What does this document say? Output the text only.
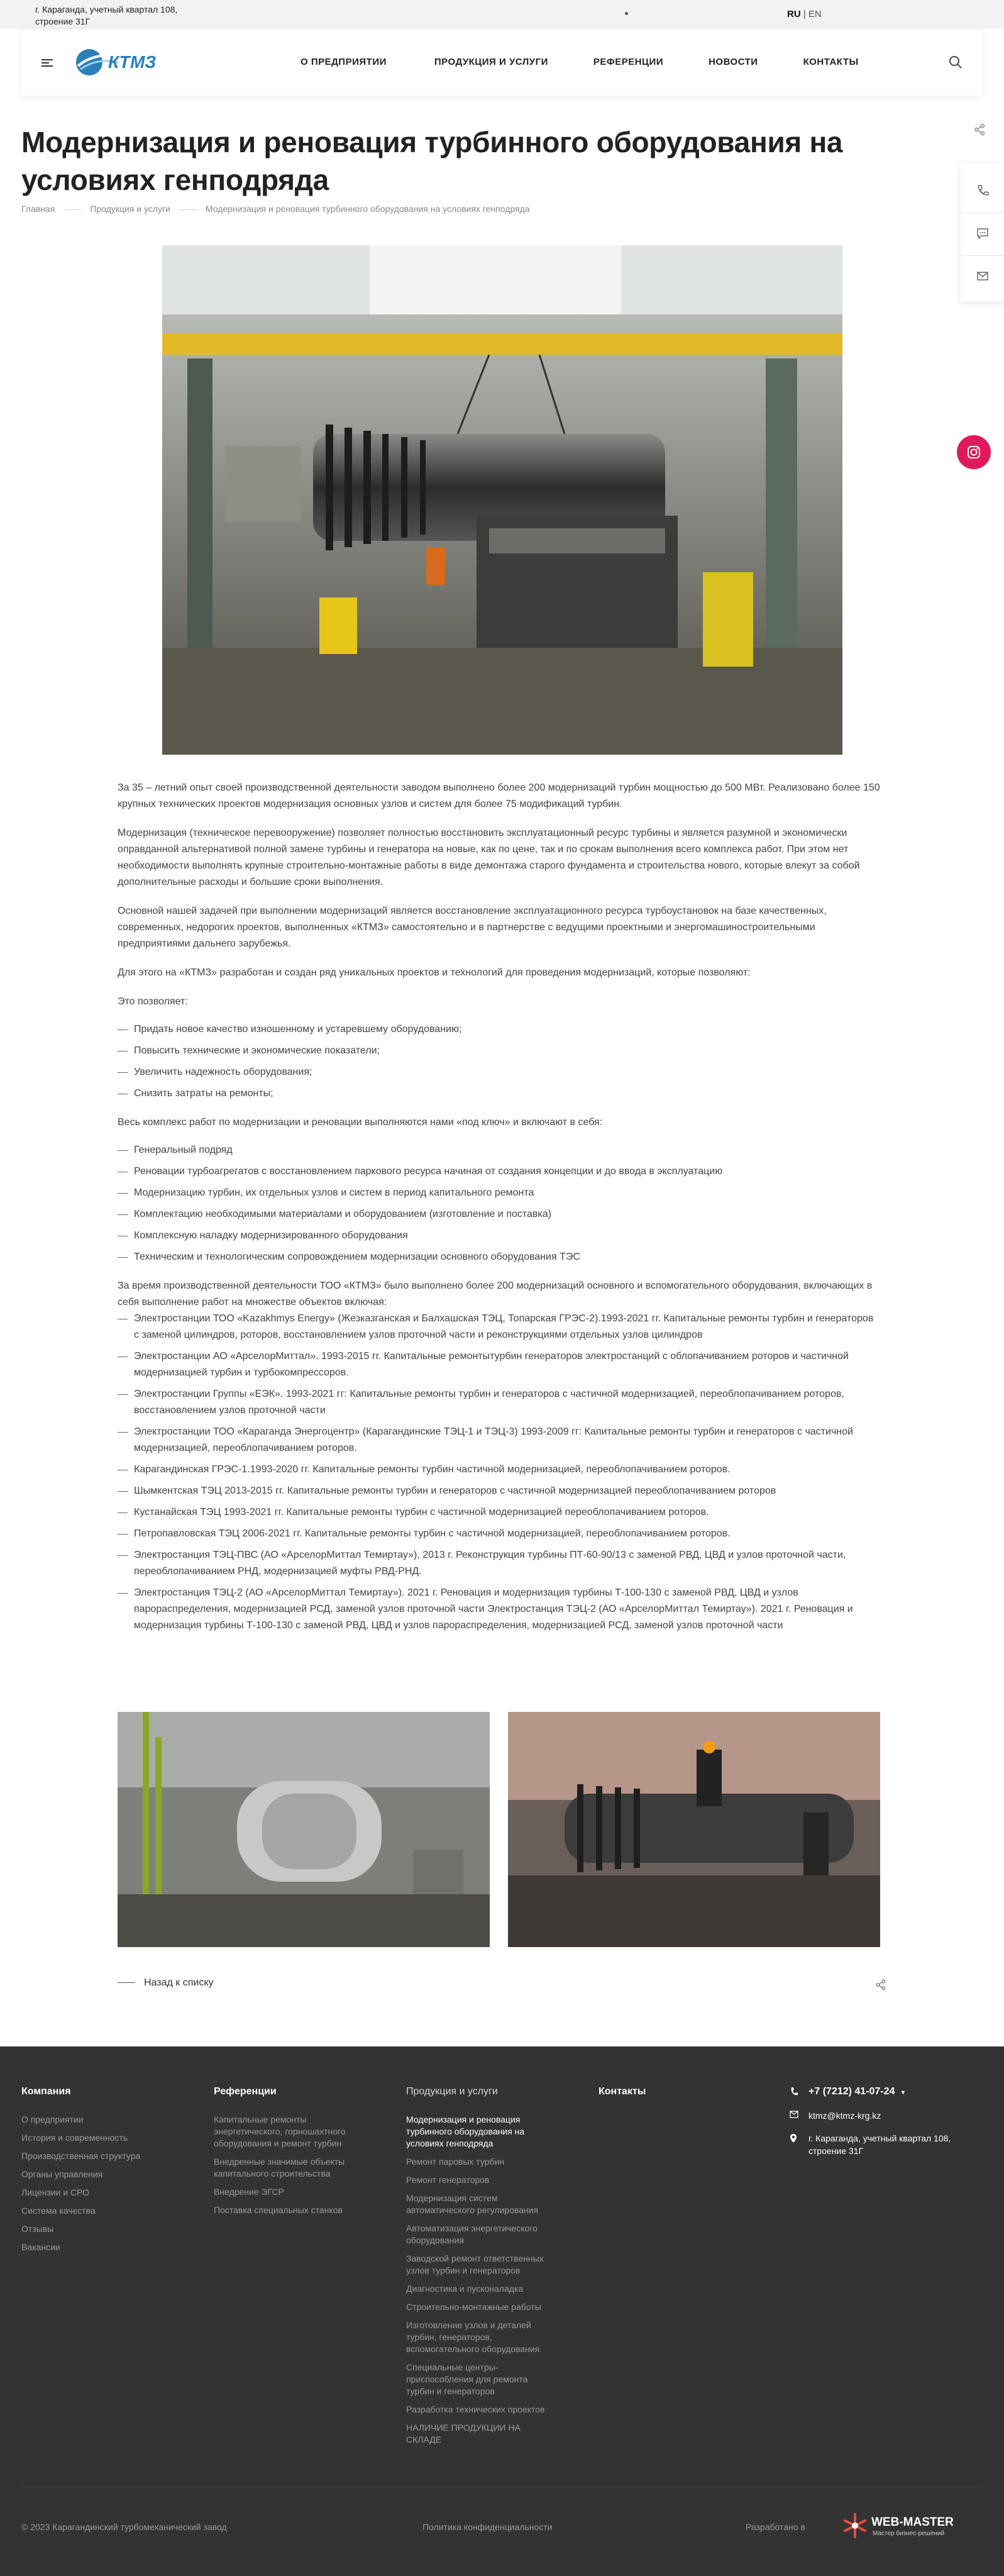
г. Караганда, учетный квартал 108, строение 31Г
RU | EN
КТМЗ	О ПРЕДПРИЯТИИ	ПРОДУКЦИЯ И УСЛУГИ	РЕФЕРЕНЦИИ	НОВОСТИ	КОНТАКТЫ
Модернизация и реновация турбинного оборудования на условиях генподряда
Главная	Продукция и услуги	Модернизация и реновация турбинного оборудования на условиях генподряда

За 35 – летний опыт своей производственной деятельности заводом выполнено более 200 модернизаций турбин мощностью до 500 МВт. Реализовано более 150 крупных технических проектов модернизация основных узлов и систем для более 75 модификаций турбин.

Модернизация (техническое перевооружение) позволяет полностью восстановить эксплуатационный ресурс турбины и является разумной и экономически оправданной альтернативой полной замене турбины и генератора на новые, как по цене, так и по срокам выполнения всего комплекса работ. При этом нет необходимости выполнять крупные строительно-монтажные работы в виде демонтажа старого фундамента и строительства нового, которые влекут за собой дополнительные расходы и большие сроки выполнения.

Основной нашей задачей при выполнении модернизаций является восстановление эксплуатационного ресурса турбоустановок на базе качественных, современных, недорогих проектов, выполненных «КТМЗ» самостоятельно и в партнерстве с ведущими проектными и энергомашиностроительными предприятиями дальнего зарубежья.

Для этого на «КТМЗ» разработан и создан ряд уникальных проектов и технологий для проведения модернизаций, которые позволяют:

Это позволяет:

Придать новое качество изношенному и устаревшему оборудованию;

Повысить технические и экономические показатели;

Увеличить надежность оборудования;

Снизить затраты на ремонты;

Весь комплекс работ по модернизации и реновации выполняются нами «под ключ» и включают в себя:

Генеральный подряд

Реновации турбоагрегатов с восстановлением паркового ресурса начиная от создания концепции и до ввода в эксплуатацию

Модернизацию турбин, их отдельных узлов и систем в период капитального ремонта

Комплектацию необходимыми материалами и оборудованием (изготовление и поставка)

Комплексную наладку модернизированного оборудования

Техническим и технологическим сопровождением модернизации основного оборудования ТЭС

За время производственной деятельности ТОО «КТМЗ» было выполнено более 200 модернизаций основного и вспомогательного оборудования, включающих в себя выполнение работ на множестве объектов включая:

Электростанции ТОО «Kazakhmys Energy» (Жезказганская и Балхашская ТЭЦ, Топарская ГРЭС-2).1993-2021 гг. Капитальные ремонты турбин и генераторов с заменой цилиндров, роторов, восстановлением узлов проточной части и реконструкциями отдельных узлов цилиндров

Электростанции АО «АрселорМиттал». 1993-2015 гг. Капитальные ремонтытурбин генераторов электростанций с облопачиванием роторов и частичной модернизацией турбин и турбокомпрессоров.

Электростанции Группы «ЕЭК». 1993-2021 гг: Капитальные ремонты турбин и генераторов с частичной модернизацией, переоблопачиванием роторов, восстановлением узлов проточной части

Электростанции ТОО «Караганда Энергоцентр» (Карагандинские ТЭЦ-1 и ТЭЦ-3) 1993-2009 гг: Капитальные ремонты турбин и генераторов с частичной модернизацией, переоблопачиванием роторов.

Карагандинская ГРЭС-1.1993-2020 гг. Капитальные ремонты турбин частичной модернизацией, переоблопачиванием роторов.

Шымкентская ТЭЦ 2013-2015 гг. Капитальные ремонты турбин и генераторов с частичной модернизацией переоблопачиванием роторов

Кустанайская ТЭЦ 1993-2021 гг. Капитальные ремонты турбин с частичной модернизацией переоблопачиванием роторов.

Петропавловская ТЭЦ 2006-2021 гг. Капитальные ремонты турбин с частичной модернизацией, переоблопачиванием роторов.

Электростанция ТЭЦ-ПВС (АО «АрселорМиттал Темиртау»), 2013 г. Реконструкция турбины ПТ-60-90/13 с заменой РВД, ЦВД и узлов проточной части, переоблопачиванием РНД, модернизацией муфты РВД-РНД.

Электростанция ТЭЦ-2 (АО «АрселорМиттал Темиртау»). 2021 г. Реновация и модернизация турбины Т-100-130 с заменой РВД, ЦВД и узлов парораспределения, модернизацией РСД, заменой узлов проточной части Электростанция ТЭЦ-2 (АО «АрселорМиттал Темиртау»). 2021 г. Реновация и модернизация турбины Т-100-130 с заменой РВД, ЦВД и узлов парораспределения, модернизацией РСД, заменой узлов проточной части

Назад к списку
Компания
О предприятии
История и современность
Производственная структура
Органы управления
Лицензии и СРО
Система качества
Отзывы
Вакансии
Референции
Капитальные ремонты энергетического, горношахтного оборудования и ремонт турбин
Внедренные значимые объекты капитального строительства
Внедрение ЭГСР
Поставка специальных станков
Продукция и услуги
Модернизация и реновация турбинного оборудования на условиях генподряда
Ремонт паровых турбин
Ремонт генераторов
Модернизация систем автоматического регулирования
Автоматизация энергетического оборудования
Заводской ремонт ответственных узлов турбин и генераторов
Диагностика и пусконаладка
Строительно-монтажные работы
Изготовление узлов и деталей турбин, генераторов, вспомогательного оборудования
Специальные центры-приспособления для ремонта турбин и генераторов
Разработка технических проектов
НАЛИЧИЕ ПРОДУКЦИИ НА СКЛАДЕ
Контакты	+7 (7212) 41-07-24 ▾
ktmz@ktmz-krg.kz
г. Караганда, учетный квартал 108, строение 31Г
© 2023 Карагандинский турбомеханический завод	Политика конфиденциальности	Разработано в	WEB-MASTER
Мастер бизнес-решений
